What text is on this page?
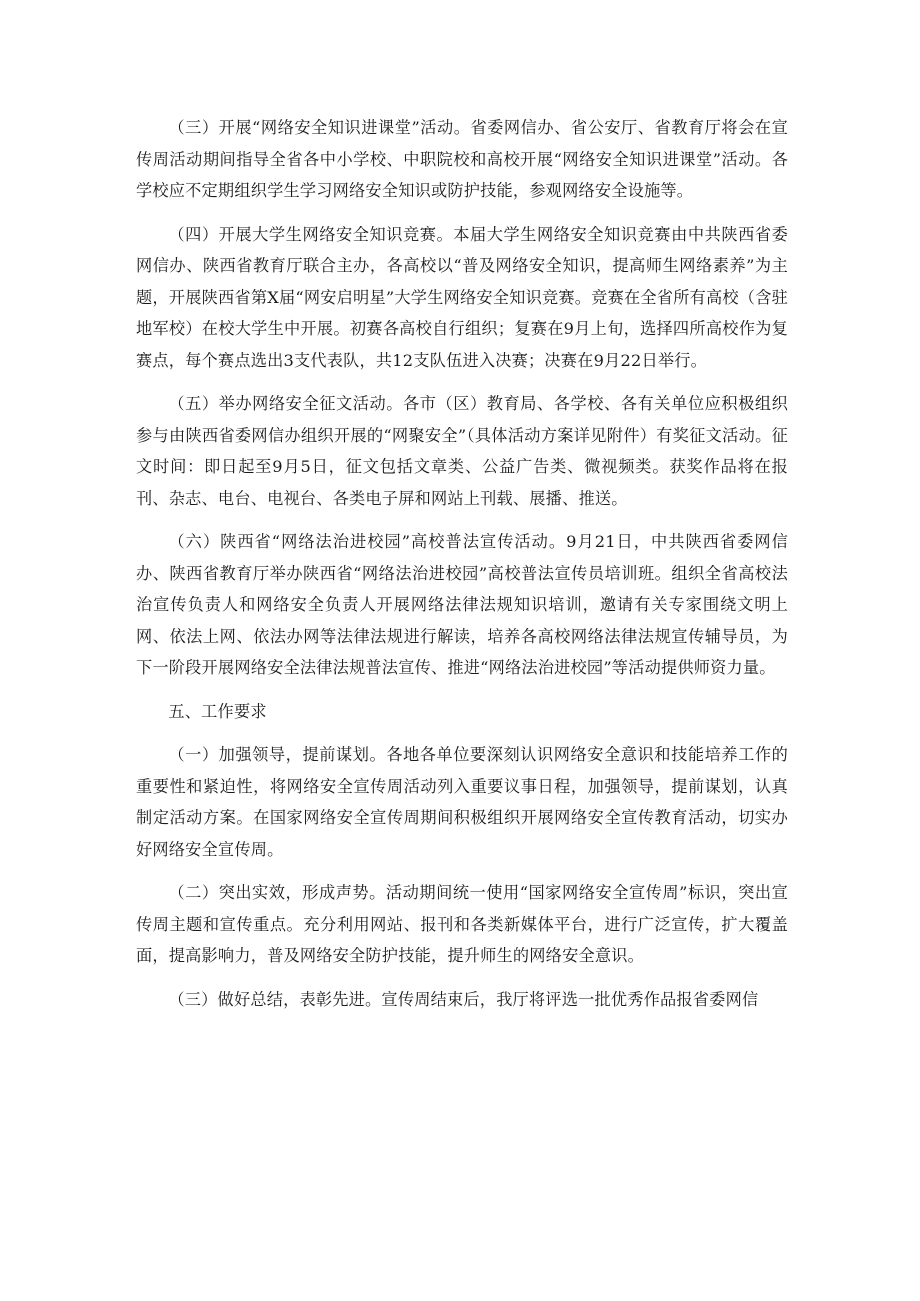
（三）开展“网络安全知识进课堂”活动。省委网信办、省公安厅、省教育厅将会在宣传周活动期间指导全省各中小学校、中职院校和高校开展“网络安全知识进课堂”活动。各学校应不定期组织学生学习网络安全知识或防护技能，参观网络安全设施等。

（四）开展大学生网络安全知识竞赛。本届大学生网络安全知识竞赛由中共陕西省委网信办、陕西省教育厅联合主办，各高校以“普及网络安全知识，提高师生网络素养”为主题，开展陕西省第X届“网安启明星”大学生网络安全知识竞赛。竞赛在全省所有高校（含驻地军校）在校大学生中开展。初赛各高校自行组织；复赛在9月上旬，选择四所高校作为复赛点，每个赛点选出3支代表队，共12支队伍进入决赛；决赛在9月22日举行。

（五）举办网络安全征文活动。各市（区）教育局、各学校、各有关单位应积极组织参与由陕西省委网信办组织开展的“网聚安全”（具体活动方案详见附件）有奖征文活动。征文时间：即日起至9月5日，征文包括文章类、公益广告类、微视频类。获奖作品将在报刊、杂志、电台、电视台、各类电子屏和网站上刊载、展播、推送。

（六）陕西省“网络法治进校园”高校普法宣传活动。9月21日，中共陕西省委网信办、陕西省教育厅举办陕西省“网络法治进校园”高校普法宣传员培训班。组织全省高校法治宣传负责人和网络安全负责人开展网络法律法规知识培训，邀请有关专家围绕文明上网、依法上网、依法办网等法律法规进行解读，培养各高校网络法律法规宣传辅导员，为下一阶段开展网络安全法律法规普法宣传、推进“网络法治进校园”等活动提供师资力量。

五、工作要求

（一）加强领导，提前谋划。各地各单位要深刻认识网络安全意识和技能培养工作的重要性和紧迫性，将网络安全宣传周活动列入重要议事日程，加强领导，提前谋划，认真制定活动方案。在国家网络安全宣传周期间积极组织开展网络安全宣传教育活动，切实办好网络安全宣传周。

（二）突出实效，形成声势。活动期间统一使用“国家网络安全宣传周”标识，突出宣传周主题和宣传重点。充分利用网站、报刊和各类新媒体平台，进行广泛宣传，扩大覆盖面，提高影响力，普及网络安全防护技能，提升师生的网络安全意识。

（三）做好总结，表彰先进。宣传周结束后，我厅将评选一批优秀作品报省委网信
